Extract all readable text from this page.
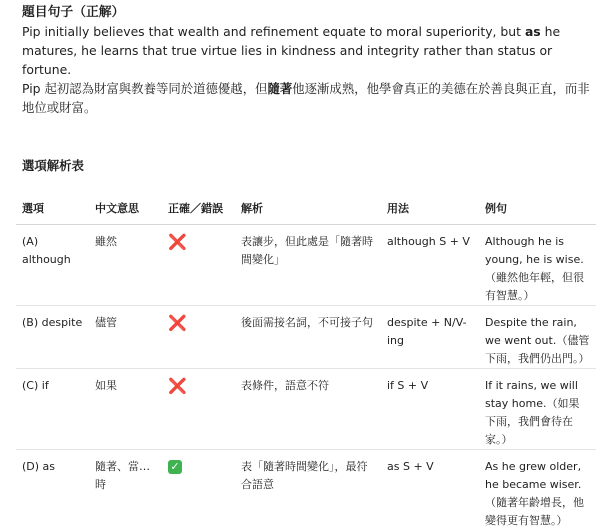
題目句子（正解）
Pip initially believes that wealth and refinement equate to moral superiority, but as he matures, he learns that true virtue lies in kindness and integrity rather than status or fortune.
Pip 起初認為財富與教養等同於道德優越，但隨著他逐漸成熟，他學會真正的美德在於善良與正直，而非地位或財富。
選項解析表
選項	中文意思	正確／錯誤	解析	用法	例句
(A) although	雖然	❌	表讓步，但此處是「隨著時間變化」	although S + V	Although he is young, he is wise.（雖然他年輕，但很有智慧。）
(B) despite	儘管	❌	後面需接名詞，不可接子句	despite + N/V-ing	Despite the rain, we went out.（儘管下雨，我們仍出門。）
(C) if	如果	❌	表條件，語意不符	if S + V	If it rains, we will stay home.（如果下雨，我們會待在家。）
(D) as	隨著、當…時	✓	表「隨著時間變化」，最符合語意	as S + V	As he grew older, he became wiser.（隨著年齡增長，他變得更有智慧。）
